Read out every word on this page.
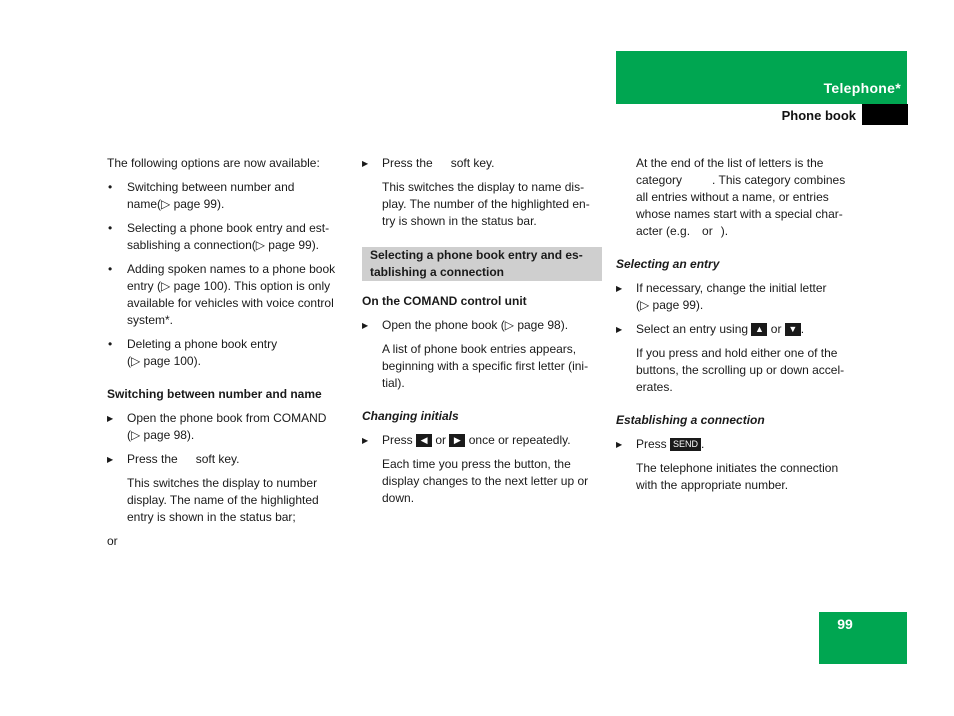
Telephone*
Phone book

The following options are now available:

• Switching between number and
name(▷ page 99).
• Selecting a phone book entry and est-
sablishing a connection(▷ page 99).
• Adding spoken names to a phone book
entry (▷ page 100). This option is only
available for vehicles with voice control
system*.
• Deleting a phone book entry
(▷ page 100).
Switching between number and name
▶ Open the phone book from COMAND
(▷ page 98).
▶ Press the soft key.

This switches the display to number
display. The name of the highlighted
entry is shown in the status bar;

or

▶ Press the soft key.

This switches the display to name dis-
play. The number of the highlighted en-
try is shown in the status bar.

Selecting a phone book entry and es-
tablishing a connection
On the COMAND control unit
▶ Open the phone book (▷ page 98).

A list of phone book entries appears,
beginning with a specific first letter (ini-
tial).

Changing initials
▶ Press ◀ or ▶ once or repeatedly.

Each time you press the button, the
display changes to the next letter up or
down.

At the end of the list of letters is the
category	. This category combines
all entries without a name, or entries
whose names start with a special char-
acter (e.g. or ).

Selecting an entry
▶ If necessary, change the initial letter
(▷ page 99).
▶ Select an entry using ▲ or ▼ .

If you press and hold either one of the
buttons, the scrolling up or down accel-
erates.

Establishing a connection
▶ Press SEND .

The telephone initiates the connection
with the appropriate number.

99
